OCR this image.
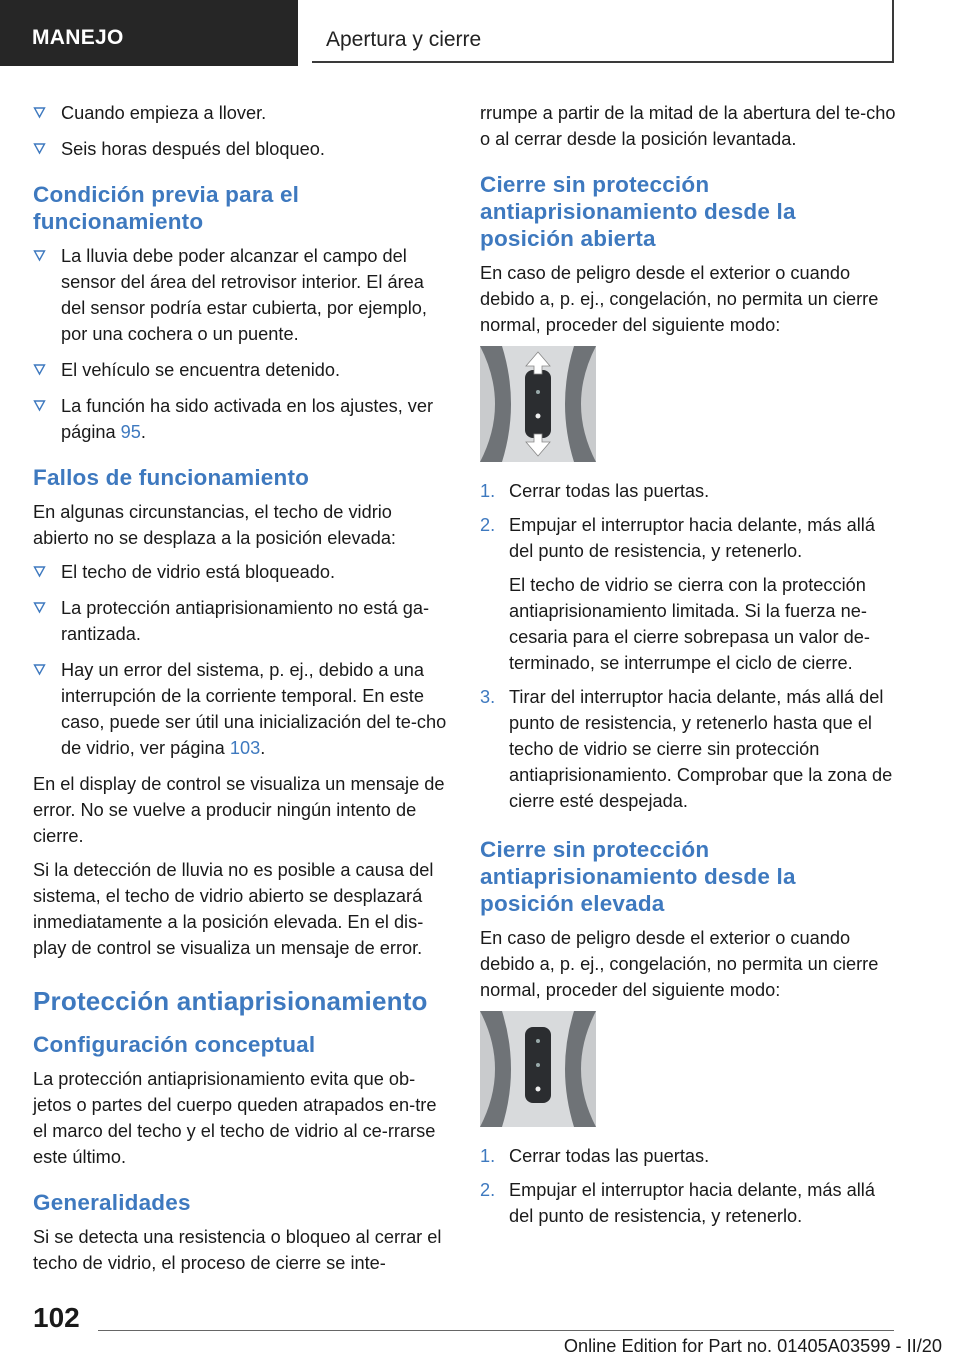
MANEJO	Apertura y cierre
Cuando empieza a llover.
Seis horas después del bloqueo.
Condición previa para el funcionamiento
La lluvia debe poder alcanzar el campo del sensor del área del retrovisor interior. El área del sensor podría estar cubierta, por ejemplo, por una cochera o un puente.
El vehículo se encuentra detenido.
La función ha sido activada en los ajustes, ver página 95.
Fallos de funcionamiento
En algunas circunstancias, el techo de vidrio abierto no se desplaza a la posición elevada:
El techo de vidrio está bloqueado.
La protección antiaprisionamiento no está ga-rantizada.
Hay un error del sistema, p. ej., debido a una interrupción de la corriente temporal. En este caso, puede ser útil una inicialización del te-cho de vidrio, ver página 103.
En el display de control se visualiza un mensaje de error. No se vuelve a producir ningún intento de cierre.
Si la detección de lluvia no es posible a causa del sistema, el techo de vidrio abierto se desplazará inmediatamente a la posición elevada. En el dis-play de control se visualiza un mensaje de error.
Protección antiaprisionamiento
Configuración conceptual
La protección antiaprisionamiento evita que ob-jetos o partes del cuerpo queden atrapados en-tre el marco del techo y el techo de vidrio al ce-rrarse este último.
Generalidades
Si se detecta una resistencia o bloqueo al cerrar el techo de vidrio, el proceso de cierre se inte-
rrumpe a partir de la mitad de la abertura del te-cho o al cerrar desde la posición levantada.
Cierre sin protección antiaprisionamiento desde la posición abierta
En caso de peligro desde el exterior o cuando debido a, p. ej., congelación, no permita un cierre normal, proceder del siguiente modo:
1. Cerrar todas las puertas.
2. Empujar el interruptor hacia delante, más allá del punto de resistencia, y retenerlo.
El techo de vidrio se cierra con la protección antiaprisionamiento limitada. Si la fuerza ne-cesaria para el cierre sobrepasa un valor de-terminado, se interrumpe el ciclo de cierre.
3. Tirar del interruptor hacia delante, más allá del punto de resistencia, y retenerlo hasta que el techo de vidrio se cierre sin protección antiaprisionamiento. Comprobar que la zona de cierre esté despejada.
Cierre sin protección antiaprisionamiento desde la posición elevada
En caso de peligro desde el exterior o cuando debido a, p. ej., congelación, no permita un cierre normal, proceder del siguiente modo:
1. Cerrar todas las puertas.
2. Empujar el interruptor hacia delante, más allá del punto de resistencia, y retenerlo.
102
Online Edition for Part no. 01405A03599 - II/20
